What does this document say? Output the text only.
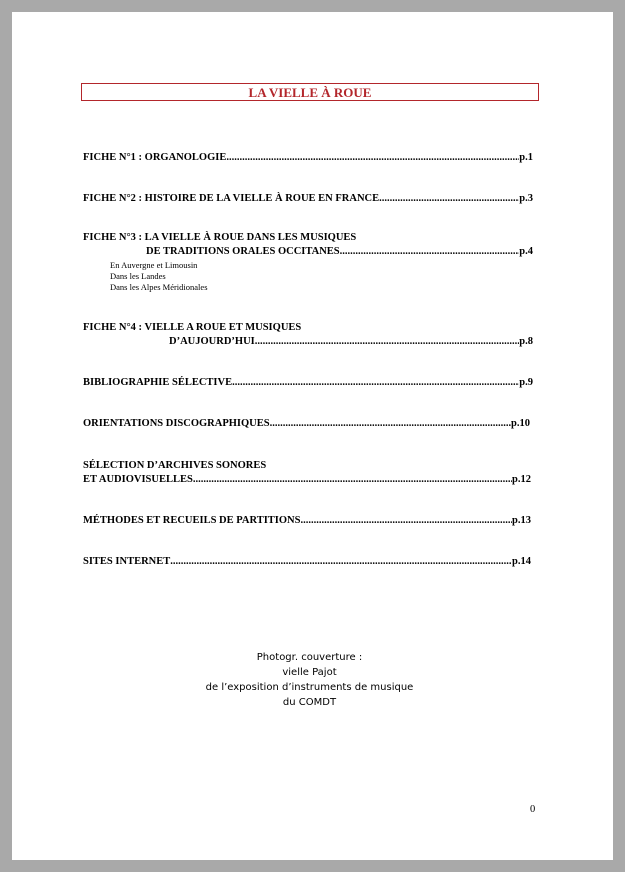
LA VIELLE À ROUE
FICHE N°1 : ORGANOLOGIE .....	p.1
FICHE N°2 : HISTOIRE DE LA VIELLE À ROUE EN FRANCE .....	p.3
FICHE N°3 : LA VIELLE À ROUE DANS LES MUSIQUES
DE TRADITIONS ORALES OCCITANES .....	p.4
En Auvergne et Limousin
Dans les Landes
Dans les Alpes Méridionales
FICHE N°4 : VIELLE A ROUE ET MUSIQUES
D’AUJOURD’HUI .....	p.8
BIBLIOGRAPHIE SÉLECTIVE .....	p.9
ORIENTATIONS DISCOGRAPHIQUES .....	p.10
SÉLECTION D’ARCHIVES SONORES
ET AUDIOVISUELLES .....	p.12
MÉTHODES ET RECUEILS DE PARTITIONS .....	p.13
SITES INTERNET .....	p.14
Photogr. couverture :
vielle Pajot
de l’exposition d’instruments de musique
du COMDT
0
